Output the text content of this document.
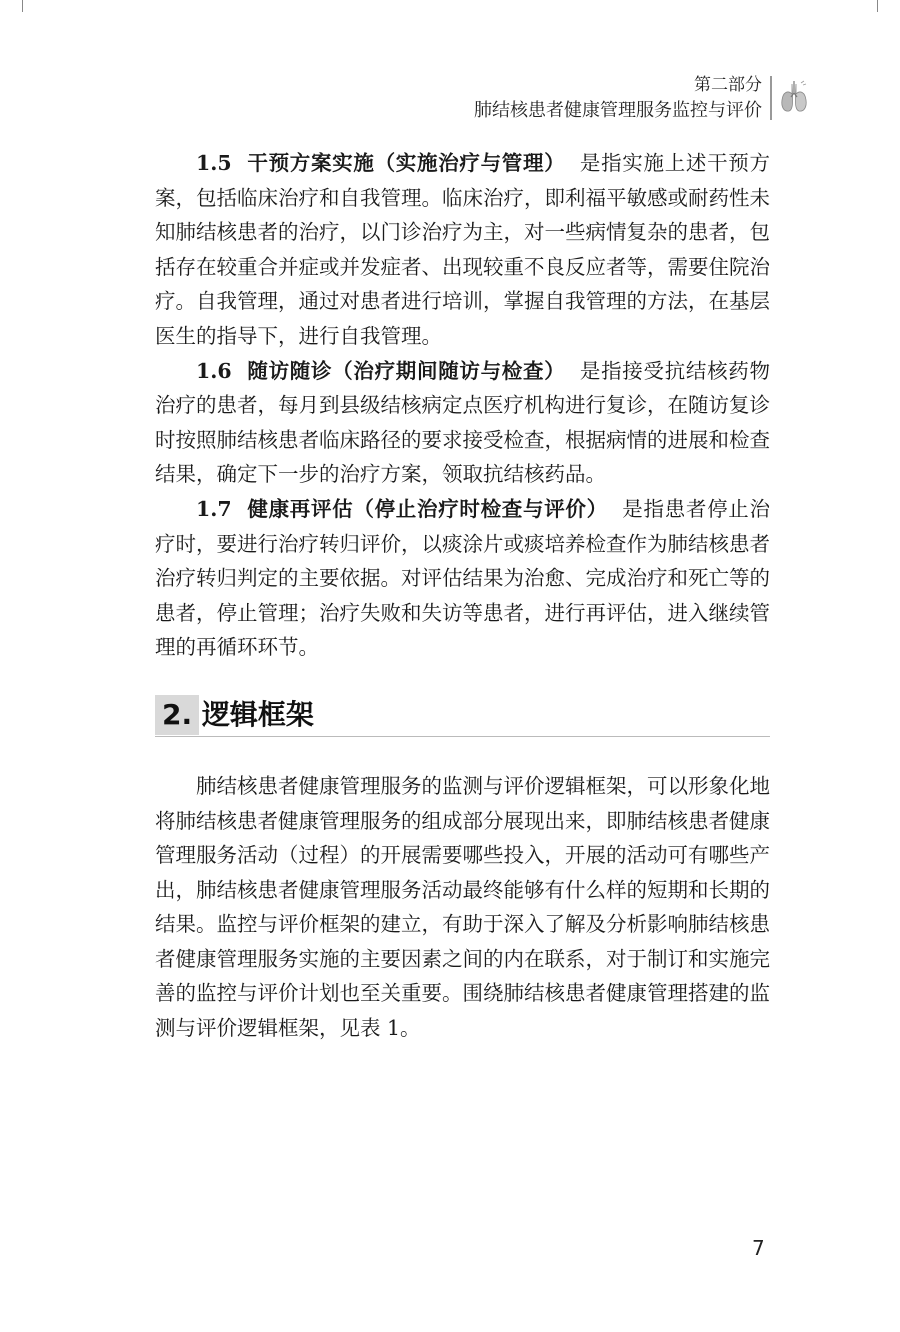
第二部分
肺结核患者健康管理服务监控与评价

1.5 干预方案实施（实施治疗与管理） 是指实施上述干预方案，包括临床治疗和自我管理。临床治疗，即利福平敏感或耐药性未知肺结核患者的治疗，以门诊治疗为主，对一些病情复杂的患者，包括存在较重合并症或并发症者、出现较重不良反应者等，需要住院治疗。自我管理，通过对患者进行培训，掌握自我管理的方法，在基层医生的指导下，进行自我管理。

1.6 随访随诊（治疗期间随访与检查） 是指接受抗结核药物治疗的患者，每月到县级结核病定点医疗机构进行复诊，在随访复诊时按照肺结核患者临床路径的要求接受检查，根据病情的进展和检查结果，确定下一步的治疗方案，领取抗结核药品。

1.7 健康再评估（停止治疗时检查与评价） 是指患者停止治疗时，要进行治疗转归评价，以痰涂片或痰培养检查作为肺结核患者治疗转归判定的主要依据。对评估结果为治愈、完成治疗和死亡等的患者，停止管理；治疗失败和失访等患者，进行再评估，进入继续管理的再循环环节。

2. 逻辑框架

肺结核患者健康管理服务的监测与评价逻辑框架，可以形象化地将肺结核患者健康管理服务的组成部分展现出来，即肺结核患者健康管理服务活动（过程）的开展需要哪些投入，开展的活动可有哪些产出，肺结核患者健康管理服务活动最终能够有什么样的短期和长期的结果。监控与评价框架的建立，有助于深入了解及分析影响肺结核患者健康管理服务实施的主要因素之间的内在联系，对于制订和实施完善的监控与评价计划也至关重要。围绕肺结核患者健康管理搭建的监测与评价逻辑框架，见表 1。

7
